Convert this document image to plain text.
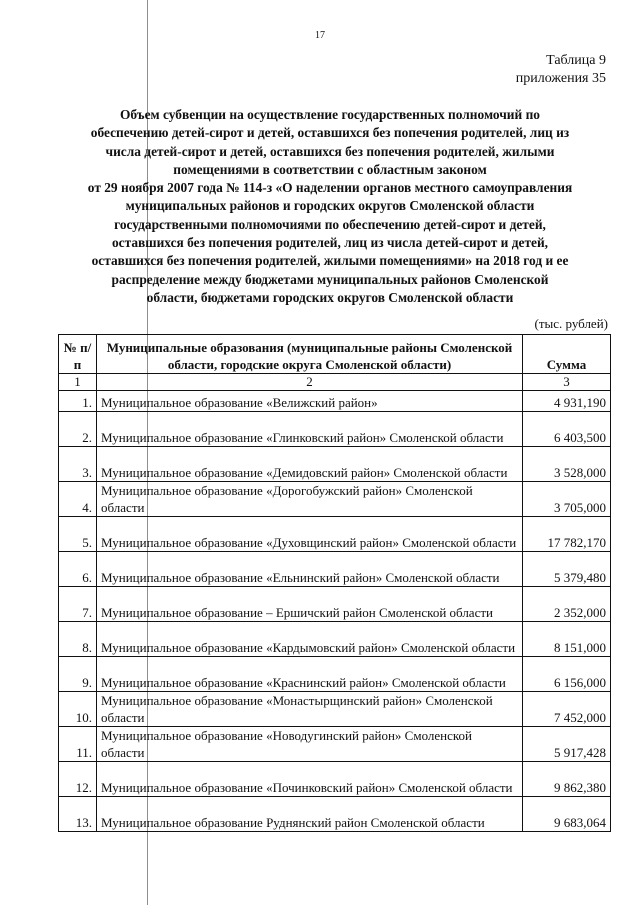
17
Таблица 9
приложения 35
Объем субвенции на осуществление государственных полномочий по
обеспечению детей-сирот и детей, оставшихся без попечения родителей, лиц из
числа детей-сирот и детей, оставшихся без попечения родителей, жилыми
помещениями в соответствии с областным законом
от 29 ноября 2007 года № 114-з «О наделении органов местного самоуправления
муниципальных районов и городских округов Смоленской области
государственными полномочиями по обеспечению детей-сирот и детей,
оставшихся без попечения родителей, лиц из числа детей-сирот и детей,
оставшихся без попечения родителей, жилыми помещениями» на 2018 год и ее
распределение между бюджетами муниципальных районов Смоленской
области, бюджетами городских округов Смоленской области
(тыс. рублей)
№ п/п	Муниципальные образования (муниципальные районы Смоленской области, городские округа Смоленской области)	Сумма
1	2	3
1.	Муниципальное образование «Велижский район»	4 931,190
2.	Муниципальное образование «Глинковский район» Смоленской области	6 403,500
3.	Муниципальное образование «Демидовский район» Смоленской области	3 528,000
4.	Муниципальное образование «Дорогобужский район» Смоленской области	3 705,000
5.	Муниципальное образование «Духовщинский район» Смоленской области	17 782,170
6.	Муниципальное образование «Ельнинский район» Смоленской области	5 379,480
7.	Муниципальное образование – Ершичский район Смоленской области	2 352,000
8.	Муниципальное образование «Кардымовский район» Смоленской области	8 151,000
9.	Муниципальное образование «Краснинский район» Смоленской области	6 156,000
10.	Муниципальное образование «Монастырщинский район» Смоленской области	7 452,000
11.	Муниципальное образование «Новодугинский район» Смоленской области	5 917,428
12.	Муниципальное образование «Починковский район» Смоленской области	9 862,380
13.	Муниципальное образование Руднянский район Смоленской области	9 683,064
